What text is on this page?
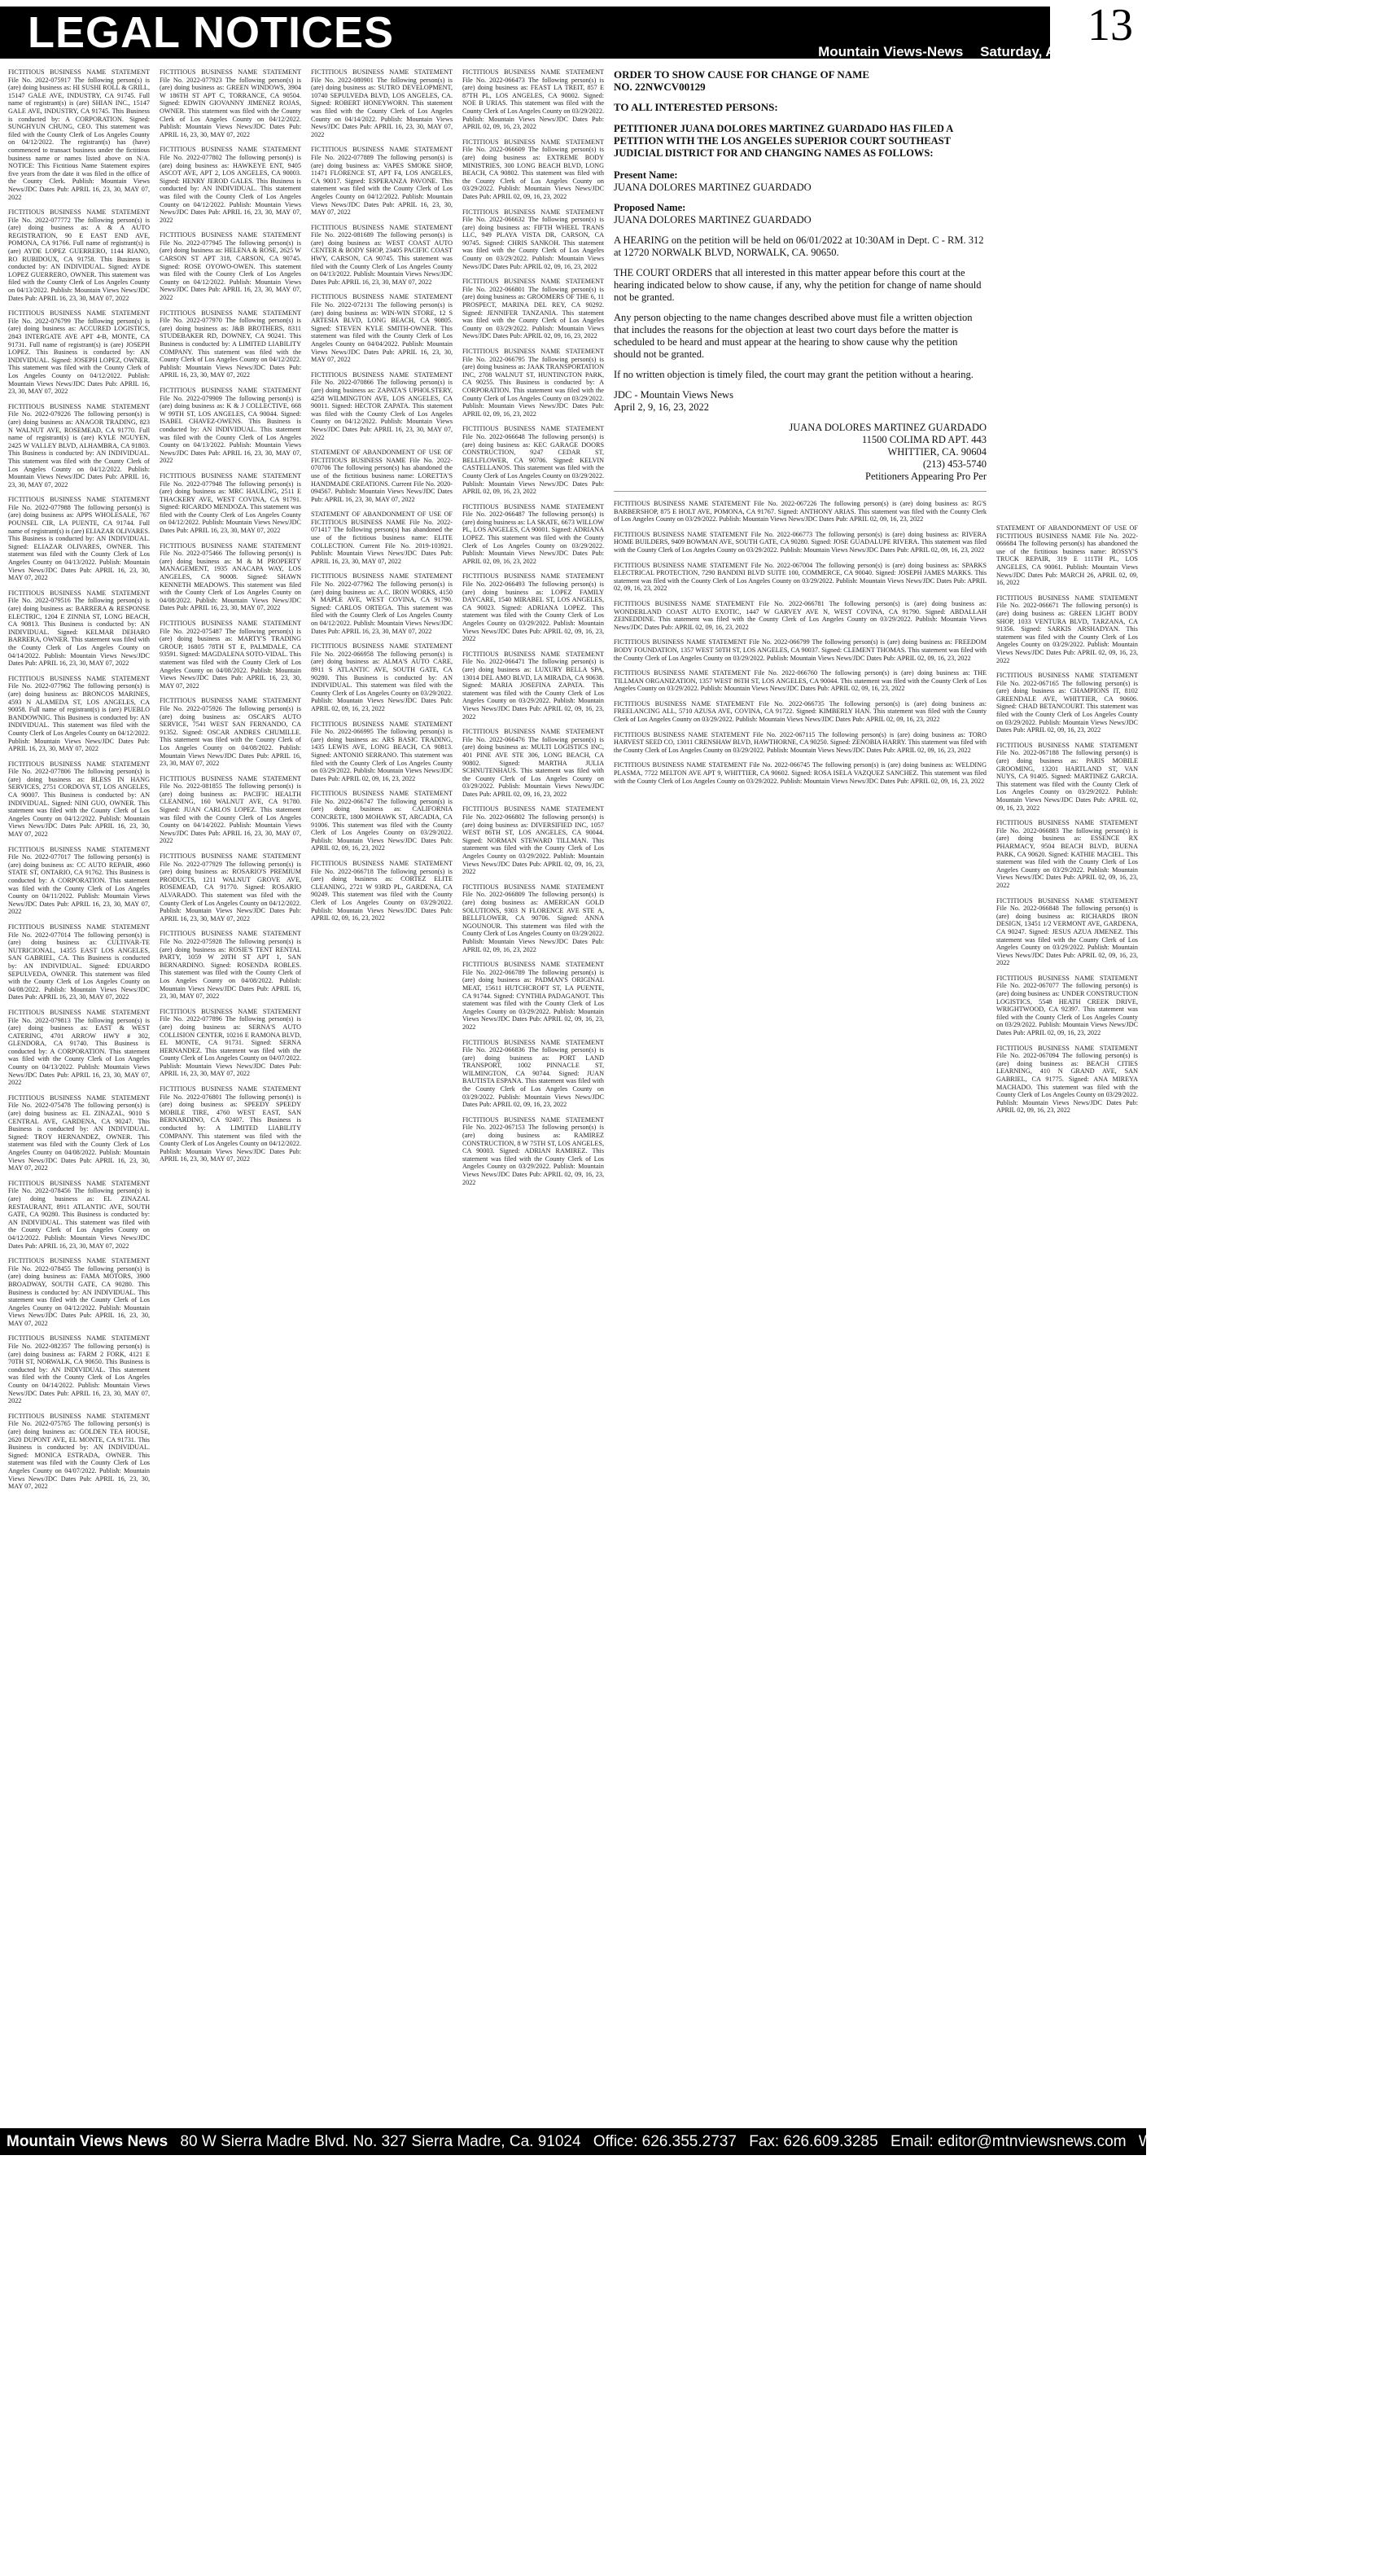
LEGAL NOTICES	13
Mountain Views-News Saturday, April 16, 2022

FICTITIOUS BUSINESS NAME STATEMENT File No. 2022-075917 The following person(s) is (are) doing business as: HI SUSHI ROLL & GRILL, 15147 GALE AVE, INDUSTRY, CA 91745. Full name of registrant(s) is (are) SHIAN INC., 15147 GALE AVE, INDUSTRY, CA 91745. This Business is conducted by: A CORPORATION. Signed: SUNGHYUN CHUNG, CEO. This statement was filed with the County Clerk of Los Angeles County on 04/12/2022. The registrant(s) has (have) commenced to transact business under the fictitious business name or names listed above on N/A. NOTICE: This Fictitious Name Statement expires five years from the date it was filed in the office of the County Clerk. Publish: Mountain Views News/JDC Dates Pub: APRIL 16, 23, 30, MAY 07, 2022

FICTITIOUS BUSINESS NAME STATEMENT File No. 2022-077772 The following person(s) is (are) doing business as: A & A AUTO REGISTRATION, 90 E EAST END AVE, POMONA, CA 91766. Full name of registrant(s) is (are) AYDE LOPEZ GUERRERO, 1144 RIANO, RO RUBIDOUX, CA 91758. This Business is conducted by: AN INDIVIDUAL. Signed: AYDE LOPEZ GUERRERO, OWNER. This statement was filed with the County Clerk of Los Angeles County on 04/13/2022. Publish: Mountain Views News/JDC Dates Pub: APRIL 16, 23, 30, MAY 07, 2022

FICTITIOUS BUSINESS NAME STATEMENT File No. 2022-076799 The following person(s) is (are) doing business as: ACCURED LOGISTICS, 2843 INTERGATE AVE APT 4-B, MONTE, CA 91731. Full name of registrant(s) is (are) JOSEPH LOPEZ. This Business is conducted by: AN INDIVIDUAL. Signed: JOSEPH LOPEZ, OWNER. This statement was filed with the County Clerk of Los Angeles County on 04/12/2022. Publish: Mountain Views News/JDC Dates Pub: APRIL 16, 23, 30, MAY 07, 2022

FICTITIOUS BUSINESS NAME STATEMENT File No. 2022-079226 The following person(s) is (are) doing business as: ANAGOR TRADING, 823 N WALNUT AVE, ROSEMEAD, CA 91770. Full name of registrant(s) is (are) KYLE NGUYEN, 2425 W VALLEY BLVD, ALHAMBRA, CA 91803. This Business is conducted by: AN INDIVIDUAL. This statement was filed with the County Clerk of Los Angeles County on 04/12/2022. Publish: Mountain Views News/JDC Dates Pub: APRIL 16, 23, 30, MAY 07, 2022

FICTITIOUS BUSINESS NAME STATEMENT File No. 2022-077988 The following person(s) is (are) doing business as: APPS WHOLESALE, 767 POUNSEL CIR, LA PUENTE, CA 91744. Full name of registrant(s) is (are) ELIAZAR OLIVARES. This Business is conducted by: AN INDIVIDUAL. Signed: ELIAZAR OLIVARES, OWNER. This statement was filed with the County Clerk of Los Angeles County on 04/13/2022. Publish: Mountain Views News/JDC Dates Pub: APRIL 16, 23, 30, MAY 07, 2022

FICTITIOUS BUSINESS NAME STATEMENT File No. 2022-079516 The following person(s) is (are) doing business as: BARRERA & RESPONSE ELECTRIC, 1204 E ZINNIA ST, LONG BEACH, CA 90813. This Business is conducted by: AN INDIVIDUAL. Signed: KELMAR DEHARO BARRERA, OWNER. This statement was filed with the County Clerk of Los Angeles County on 04/14/2022. Publish: Mountain Views News/JDC Dates Pub: APRIL 16, 23, 30, MAY 07, 2022

FICTITIOUS BUSINESS NAME STATEMENT File No. 2022-077962 The following person(s) is (are) doing business as: BRONCOS MARINES, 4593 N ALAMEDA ST, LOS ANGELES, CA 90058. Full name of registrant(s) is (are) PUEBLO BANDOWNIG. This Business is conducted by: AN INDIVIDUAL. This statement was filed with the County Clerk of Los Angeles County on 04/12/2022. Publish: Mountain Views News/JDC Dates Pub: APRIL 16, 23, 30, MAY 07, 2022

FICTITIOUS BUSINESS NAME STATEMENT File No. 2022-077806 The following person(s) is (are) doing business as: BLESS IN HANG SERVICES, 2751 CORDOVA ST, LOS ANGELES, CA 90007. This Business is conducted by: AN INDIVIDUAL. Signed: NINI GUO, OWNER. This statement was filed with the County Clerk of Los Angeles County on 04/12/2022. Publish: Mountain Views News/JDC Dates Pub: APRIL 16, 23, 30, MAY 07, 2022

FICTITIOUS BUSINESS NAME STATEMENT File No. 2022-077017 The following person(s) is (are) doing business as: CC AUTO REPAIR, 4960 STATE ST, ONTARIO, CA 91762. This Business is conducted by: A CORPORATION. This statement was filed with the County Clerk of Los Angeles County on 04/11/2022. Publish: Mountain Views News/JDC Dates Pub: APRIL 16, 23, 30, MAY 07, 2022

FICTITIOUS BUSINESS NAME STATEMENT File No. 2022-077014 The following person(s) is (are) doing business as: CULTIVAR-TE NUTRICIONAL, 14355 EAST LOS ANGELES, SAN GABRIEL, CA. This Business is conducted by: AN INDIVIDUAL. Signed: EDUARDO SEPULVEDA, OWNER. This statement was filed with the County Clerk of Los Angeles County on 04/08/2022. Publish: Mountain Views News/JDC Dates Pub: APRIL 16, 23, 30, MAY 07, 2022

FICTITIOUS BUSINESS NAME STATEMENT File No. 2022-079813 The following person(s) is (are) doing business as: EAST & WEST CATERING, 4701 ARROW HWY # 302, GLENDORA, CA 91740. This Business is conducted by: A CORPORATION. This statement was filed with the County Clerk of Los Angeles County on 04/13/2022. Publish: Mountain Views News/JDC Dates Pub: APRIL 16, 23, 30, MAY 07, 2022

FICTITIOUS BUSINESS NAME STATEMENT File No. 2022-075478 The following person(s) is (are) doing business as: EL ZINAZAL, 9010 S CENTRAL AVE, GARDENA, CA 90247. This Business is conducted by: AN INDIVIDUAL. Signed: TROY HERNANDEZ, OWNER. This statement was filed with the County Clerk of Los Angeles County on 04/08/2022. Publish: Mountain Views News/JDC Dates Pub: APRIL 16, 23, 30, MAY 07, 2022

FICTITIOUS BUSINESS NAME STATEMENT File No. 2022-078456 The following person(s) is (are) doing business as: EL ZINAZAL RESTAURANT, 8911 ATLANTIC AVE, SOUTH GATE, CA 90280. This Business is conducted by: AN INDIVIDUAL. This statement was filed with the County Clerk of Los Angeles County on 04/12/2022. Publish: Mountain Views News/JDC Dates Pub: APRIL 16, 23, 30, MAY 07, 2022

FICTITIOUS BUSINESS NAME STATEMENT File No. 2022-078455 The following person(s) is (are) doing business as: FAMA MOTORS, 3900 BROADWAY, SOUTH GATE, CA 90280. This Business is conducted by: AN INDIVIDUAL. This statement was filed with the County Clerk of Los Angeles County on 04/12/2022. Publish: Mountain Views News/JDC Dates Pub: APRIL 16, 23, 30, MAY 07, 2022

FICTITIOUS BUSINESS NAME STATEMENT File No. 2022-082357 The following person(s) is (are) doing business as: FARM 2 FORK, 4121 E 70TH ST, NORWALK, CA 90650. This Business is conducted by: AN INDIVIDUAL. This statement was filed with the County Clerk of Los Angeles County on 04/14/2022. Publish: Mountain Views News/JDC Dates Pub: APRIL 16, 23, 30, MAY 07, 2022

FICTITIOUS BUSINESS NAME STATEMENT File No. 2022-075765 The following person(s) is (are) doing business as: GOLDEN TEA HOUSE, 2620 DUPONT AVE, EL MONTE, CA 91731. This Business is conducted by: AN INDIVIDUAL. Signed: MONICA ESTRADA, OWNER. This statement was filed with the County Clerk of Los Angeles County on 04/07/2022. Publish: Mountain Views News/JDC Dates Pub: APRIL 16, 23, 30, MAY 07, 2022

FICTITIOUS BUSINESS NAME STATEMENT File No. 2022-077923 The following person(s) is (are) doing business as: GREEN WINDOWS, 3904 W 186TH ST APT C, TORRANCE, CA 90504. Signed: EDWIN GIOVANNY JIMENEZ ROJAS, OWNER. This statement was filed with the County Clerk of Los Angeles County on 04/12/2022. Publish: Mountain Views News/JDC Dates Pub: APRIL 16, 23, 30, MAY 07, 2022

FICTITIOUS BUSINESS NAME STATEMENT File No. 2022-077802 The following person(s) is (are) doing business as: HAWKEYE ENT, 9405 ASCOT AVE, APT 2, LOS ANGELES, CA 90003. Signed: HENRY JEROD GALES. This Business is conducted by: AN INDIVIDUAL. This statement was filed with the County Clerk of Los Angeles County on 04/12/2022. Publish: Mountain Views News/JDC Dates Pub: APRIL 16, 23, 30, MAY 07, 2022

FICTITIOUS BUSINESS NAME STATEMENT File No. 2022-077945 The following person(s) is (are) doing business as: HELENA & ROSE, 2625 W CARSON ST APT 318, CARSON, CA 90745. Signed: ROSE OYOWO-OWEN. This statement was filed with the County Clerk of Los Angeles County on 04/12/2022. Publish: Mountain Views News/JDC Dates Pub: APRIL 16, 23, 30, MAY 07, 2022

FICTITIOUS BUSINESS NAME STATEMENT File No. 2022-077970 The following person(s) is (are) doing business as: J&B BROTHERS, 8311 STUDEBAKER RD, DOWNEY, CA 90241. This Business is conducted by: A LIMITED LIABILITY COMPANY. This statement was filed with the County Clerk of Los Angeles County on 04/12/2022. Publish: Mountain Views News/JDC Dates Pub: APRIL 16, 23, 30, MAY 07, 2022

FICTITIOUS BUSINESS NAME STATEMENT File No. 2022-079909 The following person(s) is (are) doing business as: K & J COLLECTIVE, 668 W 99TH ST, LOS ANGELES, CA 90044. Signed: ISABEL CHAVEZ-OWENS. This Business is conducted by: AN INDIVIDUAL. This statement was filed with the County Clerk of Los Angeles County on 04/13/2022. Publish: Mountain Views News/JDC Dates Pub: APRIL 16, 23, 30, MAY 07, 2022

FICTITIOUS BUSINESS NAME STATEMENT File No. 2022-077948 The following person(s) is (are) doing business as: MRC HAULING, 2511 E THACKERY AVE, WEST COVINA, CA 91791. Signed: RICARDO MENDOZA. This statement was filed with the County Clerk of Los Angeles County on 04/12/2022. Publish: Mountain Views News/JDC Dates Pub: APRIL 16, 23, 30, MAY 07, 2022

FICTITIOUS BUSINESS NAME STATEMENT File No. 2022-075466 The following person(s) is (are) doing business as: M & M PROPERTY MANAGEMENT, 1935 ANACAPA WAY, LOS ANGELES, CA 90008. Signed: SHAWN KENNETH MEADOWS. This statement was filed with the County Clerk of Los Angeles County on 04/08/2022. Publish: Mountain Views News/JDC Dates Pub: APRIL 16, 23, 30, MAY 07, 2022

FICTITIOUS BUSINESS NAME STATEMENT File No. 2022-075487 The following person(s) is (are) doing business as: MARTY'S TRADING GROUP, 16805 78TH ST E, PALMDALE, CA 93591. Signed: MAGDALENA SOTO-VIDAL. This statement was filed with the County Clerk of Los Angeles County on 04/08/2022. Publish: Mountain Views News/JDC Dates Pub: APRIL 16, 23, 30, MAY 07, 2022

FICTITIOUS BUSINESS NAME STATEMENT File No. 2022-075926 The following person(s) is (are) doing business as: OSCAR'S AUTO SERVICE, 7541 WEST SAN FERNANDO, CA 91352. Signed: OSCAR ANDRES CHUMILLE. This statement was filed with the County Clerk of Los Angeles County on 04/08/2022. Publish: Mountain Views News/JDC Dates Pub: APRIL 16, 23, 30, MAY 07, 2022

FICTITIOUS BUSINESS NAME STATEMENT File No. 2022-081855 The following person(s) is (are) doing business as: PACIFIC HEALTH CLEANING, 160 WALNUT AVE, CA 91780. Signed: JUAN CARLOS LOPEZ. This statement was filed with the County Clerk of Los Angeles County on 04/14/2022. Publish: Mountain Views News/JDC Dates Pub: APRIL 16, 23, 30, MAY 07, 2022

FICTITIOUS BUSINESS NAME STATEMENT File No. 2022-077929 The following person(s) is (are) doing business as: ROSARIO'S PREMIUM PRODUCTS, 1211 WALNUT GROVE AVE, ROSEMEAD, CA 91770. Signed: ROSARIO ALVARADO. This statement was filed with the County Clerk of Los Angeles County on 04/12/2022. Publish: Mountain Views News/JDC Dates Pub: APRIL 16, 23, 30, MAY 07, 2022

FICTITIOUS BUSINESS NAME STATEMENT File No. 2022-075928 The following person(s) is (are) doing business as: ROSIE'S TENT RENTAL PARTY, 1059 W 20TH ST APT 1, SAN BERNARDINO. Signed: ROSENDA ROBLES. This statement was filed with the County Clerk of Los Angeles County on 04/08/2022. Publish: Mountain Views News/JDC Dates Pub: APRIL 16, 23, 30, MAY 07, 2022

FICTITIOUS BUSINESS NAME STATEMENT File No. 2022-077896 The following person(s) is (are) doing business as: SERNA'S AUTO COLLISION CENTER, 10216 E RAMONA BLVD, EL MONTE, CA 91731. Signed: SERNA HERNANDEZ. This statement was filed with the County Clerk of Los Angeles County on 04/07/2022. Publish: Mountain Views News/JDC Dates Pub: APRIL 16, 23, 30, MAY 07, 2022

FICTITIOUS BUSINESS NAME STATEMENT File No. 2022-076801 The following person(s) is (are) doing business as: SPEEDY SPEEDY MOBILE TIRE, 4760 WEST EAST, SAN BERNARDINO, CA 92407. This Business is conducted by: A LIMITED LIABILITY COMPANY. This statement was filed with the County Clerk of Los Angeles County on 04/12/2022. Publish: Mountain Views News/JDC Dates Pub: APRIL 16, 23, 30, MAY 07, 2022

FICTITIOUS BUSINESS NAME STATEMENT File No. 2022-080901 The following person(s) is (are) doing business as: SUTRO DEVELOPMENT, 10740 SEPULVEDA BLVD, LOS ANGELES, CA. Signed: ROBERT HONEYWORN. This statement was filed with the County Clerk of Los Angeles County on 04/14/2022. Publish: Mountain Views News/JDC Dates Pub: APRIL 16, 23, 30, MAY 07, 2022

FICTITIOUS BUSINESS NAME STATEMENT File No. 2022-077889 The following person(s) is (are) doing business as: VAPES SMOKE SHOP, 11471 FLORENCE ST, APT F4, LOS ANGELES, CA 90017. Signed: ESPERANZA PAVONE. This statement was filed with the County Clerk of Los Angeles County on 04/12/2022. Publish: Mountain Views News/JDC Dates Pub: APRIL 16, 23, 30, MAY 07, 2022

FICTITIOUS BUSINESS NAME STATEMENT File No. 2022-081689 The following person(s) is (are) doing business as: WEST COAST AUTO CENTER & BODY SHOP, 23405 PACIFIC COAST HWY, CARSON, CA 90745. This statement was filed with the County Clerk of Los Angeles County on 04/13/2022. Publish: Mountain Views News/JDC Dates Pub: APRIL 16, 23, 30, MAY 07, 2022

FICTITIOUS BUSINESS NAME STATEMENT File No. 2022-072131 The following person(s) is (are) doing business as: WIN-WIN STORE, 12 S ARTESIA BLVD, LONG BEACH, CA 90805. Signed: STEVEN KYLE SMITH-OWNER. This statement was filed with the County Clerk of Los Angeles County on 04/04/2022. Publish: Mountain Views News/JDC Dates Pub: APRIL 16, 23, 30, MAY 07, 2022

FICTITIOUS BUSINESS NAME STATEMENT File No. 2022-070866 The following person(s) is (are) doing business as: ZAPATA'S UPHOLSTERY, 4258 WILMINGTON AVE, LOS ANGELES, CA 90011. Signed: HECTOR ZAPATA. This statement was filed with the County Clerk of Los Angeles County on 04/12/2022. Publish: Mountain Views News/JDC Dates Pub: APRIL 16, 23, 30, MAY 07, 2022

STATEMENT OF ABANDONMENT OF USE OF FICTITIOUS BUSINESS NAME File No. 2022-070706 The following person(s) has abandoned the use of the fictitious business name: LORETTA'S HANDMADE CREATIONS. Current File No. 2020-094567. Publish: Mountain Views News/JDC Dates Pub: APRIL 16, 23, 30, MAY 07, 2022

STATEMENT OF ABANDONMENT OF USE OF FICTITIOUS BUSINESS NAME File No. 2022-071417 The following person(s) has abandoned the use of the fictitious business name: ELITE COLLECTION. Current File No. 2019-103921. Publish: Mountain Views News/JDC Dates Pub: APRIL 16, 23, 30, MAY 07, 2022

FICTITIOUS BUSINESS NAME STATEMENT File No. 2022-077962 The following person(s) is (are) doing business as: A.C. IRON WORKS, 4150 N MAPLE AVE, WEST COVINA, CA 91790. Signed: CARLOS ORTEGA. This statement was filed with the County Clerk of Los Angeles County on 04/12/2022. Publish: Mountain Views News/JDC Dates Pub: APRIL 16, 23, 30, MAY 07, 2022

FICTITIOUS BUSINESS NAME STATEMENT File No. 2022-066958 The following person(s) is (are) doing business as: ALMA'S AUTO CARE, 8911 S ATLANTIC AVE, SOUTH GATE, CA 90280. This Business is conducted by: AN INDIVIDUAL. This statement was filed with the County Clerk of Los Angeles County on 03/29/2022. Publish: Mountain Views News/JDC Dates Pub: APRIL 02, 09, 16, 23, 2022

FICTITIOUS BUSINESS NAME STATEMENT File No. 2022-066995 The following person(s) is (are) doing business as: ARS BASIC TRADING, 1435 LEWIS AVE, LONG BEACH, CA 90813. Signed: ANTONIO SERRANO. This statement was filed with the County Clerk of Los Angeles County on 03/29/2022. Publish: Mountain Views News/JDC Dates Pub: APRIL 02, 09, 16, 23, 2022

FICTITIOUS BUSINESS NAME STATEMENT File No. 2022-066747 The following person(s) is (are) doing business as: CALIFORNIA CONCRETE, 1800 MOHAWK ST, ARCADIA, CA 91006. This statement was filed with the County Clerk of Los Angeles County on 03/29/2022. Publish: Mountain Views News/JDC Dates Pub: APRIL 02, 09, 16, 23, 2022

FICTITIOUS BUSINESS NAME STATEMENT File No. 2022-066718 The following person(s) is (are) doing business as: CORTEZ ELITE CLEANING, 2721 W 93RD PL, GARDENA, CA 90249. This statement was filed with the County Clerk of Los Angeles County on 03/29/2022. Publish: Mountain Views News/JDC Dates Pub: APRIL 02, 09, 16, 23, 2022

FICTITIOUS BUSINESS NAME STATEMENT File No. 2022-066473 The following person(s) is (are) doing business as: FEAST LA TREIT, 857 E 87TH PL, LOS ANGELES, CA 90002. Signed: NOE B URIAS. This statement was filed with the County Clerk of Los Angeles County on 03/29/2022. Publish: Mountain Views News/JDC Dates Pub: APRIL 02, 09, 16, 23, 2022

FICTITIOUS BUSINESS NAME STATEMENT File No. 2022-066609 The following person(s) is (are) doing business as: EXTREME BODY MINISTRIES, 300 LONG BEACH BLVD, LONG BEACH, CA 90802. This statement was filed with the County Clerk of Los Angeles County on 03/29/2022. Publish: Mountain Views News/JDC Dates Pub: APRIL 02, 09, 16, 23, 2022

FICTITIOUS BUSINESS NAME STATEMENT File No. 2022-066632 The following person(s) is (are) doing business as: FIFTH WHEEL TRANS LLC, 949 PLAYA VISTA DR, CARSON, CA 90745. Signed: CHRIS SANKOH. This statement was filed with the County Clerk of Los Angeles County on 03/29/2022. Publish: Mountain Views News/JDC Dates Pub: APRIL 02, 09, 16, 23, 2022

FICTITIOUS BUSINESS NAME STATEMENT File No. 2022-066801 The following person(s) is (are) doing business as: GROOMERS OF THE 6, 11 PROSPECT, MARINA DEL REY, CA 90292. Signed: JENNIFER TANZANIA. This statement was filed with the County Clerk of Los Angeles County on 03/29/2022. Publish: Mountain Views News/JDC Dates Pub: APRIL 02, 09, 16, 23, 2022

FICTITIOUS BUSINESS NAME STATEMENT File No. 2022-066795 The following person(s) is (are) doing business as: JAAK TRANSPORTATION INC, 2708 WALNUT ST, HUNTINGTON PARK, CA 90255. This Business is conducted by: A CORPORATION. This statement was filed with the County Clerk of Los Angeles County on 03/29/2022. Publish: Mountain Views News/JDC Dates Pub: APRIL 02, 09, 16, 23, 2022

FICTITIOUS BUSINESS NAME STATEMENT File No. 2022-066648 The following person(s) is (are) doing business as: KEC GARAGE DOORS CONSTRUCTION, 9247 CEDAR ST, BELLFLOWER, CA 90706. Signed: KELVIN CASTELLANOS. This statement was filed with the County Clerk of Los Angeles County on 03/29/2022. Publish: Mountain Views News/JDC Dates Pub: APRIL 02, 09, 16, 23, 2022

FICTITIOUS BUSINESS NAME STATEMENT File No. 2022-066487 The following person(s) is (are) doing business as: LA SKATE, 6673 WILLOW PL, LOS ANGELES, CA 90001. Signed: ADRIANA LOPEZ. This statement was filed with the County Clerk of Los Angeles County on 03/29/2022. Publish: Mountain Views News/JDC Dates Pub: APRIL 02, 09, 16, 23, 2022

FICTITIOUS BUSINESS NAME STATEMENT File No. 2022-066493 The following person(s) is (are) doing business as: LOPEZ FAMILY DAYCARE, 1540 MIRABEL ST, LOS ANGELES, CA 90023. Signed: ADRIANA LOPEZ. This statement was filed with the County Clerk of Los Angeles County on 03/29/2022. Publish: Mountain Views News/JDC Dates Pub: APRIL 02, 09, 16, 23, 2022

FICTITIOUS BUSINESS NAME STATEMENT File No. 2022-066471 The following person(s) is (are) doing business as: LUXURY BELLA SPA, 13014 DEL AMO BLVD, LA MIRADA, CA 90638. Signed: MARIA JOSEFINA ZAPATA. This statement was filed with the County Clerk of Los Angeles County on 03/29/2022. Publish: Mountain Views News/JDC Dates Pub: APRIL 02, 09, 16, 23, 2022

FICTITIOUS BUSINESS NAME STATEMENT File No. 2022-066476 The following person(s) is (are) doing business as: MULTI LOGISTICS INC, 401 PINE AVE STE 306, LONG BEACH, CA 90802. Signed: MARTHA JULIA SCHNUTENHAUS. This statement was filed with the County Clerk of Los Angeles County on 03/29/2022. Publish: Mountain Views News/JDC Dates Pub: APRIL 02, 09, 16, 23, 2022

FICTITIOUS BUSINESS NAME STATEMENT File No. 2022-066802 The following person(s) is (are) doing business as: DIVERSIFIED INC, 1057 WEST 86TH ST, LOS ANGELES, CA 90044. Signed: NORMAN STEWARD TILLMAN. This statement was filed with the County Clerk of Los Angeles County on 03/29/2022. Publish: Mountain Views News/JDC Dates Pub: APRIL 02, 09, 16, 23, 2022

FICTITIOUS BUSINESS NAME STATEMENT File No. 2022-066809 The following person(s) is (are) doing business as: AMERICAN GOLD SOLUTIONS, 9303 N FLORENCE AVE STE A, BELLFLOWER, CA 90706. Signed: ANNA NGOUNOUR. This statement was filed with the County Clerk of Los Angeles County on 03/29/2022. Publish: Mountain Views News/JDC Dates Pub: APRIL 02, 09, 16, 23, 2022

FICTITIOUS BUSINESS NAME STATEMENT File No. 2022-066789 The following person(s) is (are) doing business as: PADMAN'S ORIGINAL MEAT, 15611 HUTCHCROFT ST, LA PUENTE, CA 91744. Signed: CYNTHIA PADAGANOT. This statement was filed with the County Clerk of Los Angeles County on 03/29/2022. Publish: Mountain Views News/JDC Dates Pub: APRIL 02, 09, 16, 23, 2022

FICTITIOUS BUSINESS NAME STATEMENT File No. 2022-066836 The following person(s) is (are) doing business as: PORT LAND TRANSPORT, 1002 PINNACLE ST, WILMINGTON, CA 90744. Signed: JUAN BAUTISTA ESPANA. This statement was filed with the County Clerk of Los Angeles County on 03/29/2022. Publish: Mountain Views News/JDC Dates Pub: APRIL 02, 09, 16, 23, 2022

FICTITIOUS BUSINESS NAME STATEMENT File No. 2022-067153 The following person(s) is (are) doing business as: RAMIREZ CONSTRUCTION, 8 W 75TH ST, LOS ANGELES, CA 90003. Signed: ADRIAN RAMIREZ. This statement was filed with the County Clerk of Los Angeles County on 03/29/2022. Publish: Mountain Views News/JDC Dates Pub: APRIL 02, 09, 16, 23, 2022

ORDER TO SHOW CAUSE FOR CHANGE OF NAME
NO. 22NWCV00129
TO ALL INTERESTED PERSONS:
PETITIONER JUANA DOLORES MARTINEZ GUARDADO HAS FILED A PETITION WITH THE LOS ANGELES SUPERIOR COURT SOUTHEAST JUDICIAL DISTRICT FOR AND CHANGING NAMES AS FOLLOWS:
Present Name:
JUANA DOLORES MARTINEZ GUARDADO
Proposed Name:
JUANA DOLORES MARTINEZ GUARDADO
A HEARING on the petition will be held on 06/01/2022 at 10:30AM in Dept. C - RM. 312 at 12720 NORWALK BLVD, NORWALK, CA. 90650.
THE COURT ORDERS that all interested in this matter appear before this court at the hearing indicated below to show cause, if any, why the petition for change of name should not be granted.
Any person objecting to the name changes described above must file a written objection that includes the reasons for the objection at least two court days before the matter is scheduled to be heard and must appear at the hearing to show cause why the petition should not be granted.
If no written objection is timely filed, the court may grant the petition without a hearing.
JDC - Mountain Views News
April 2, 9, 16, 23, 2022
JUANA DOLORES MARTINEZ GUARDADO
11500 COLIMA RD APT. 443
WHITTIER, CA. 90604
(213) 453-5740
Petitioners Appearing Pro Per

FICTITIOUS BUSINESS NAME STATEMENT File No. 2022-067226 The following person(s) is (are) doing business as: RG'S BARBERSHOP, 875 E HOLT AVE, POMONA, CA 91767. Signed: ANTHONY ARIAS. This statement was filed with the County Clerk of Los Angeles County on 03/29/2022. Publish: Mountain Views News/JDC Dates Pub: APRIL 02, 09, 16, 23, 2022

FICTITIOUS BUSINESS NAME STATEMENT File No. 2022-066773 The following person(s) is (are) doing business as: RIVERA HOME BUILDERS, 9409 BOWMAN AVE, SOUTH GATE, CA 90280. Signed: JOSE GUADALUPE RIVERA. This statement was filed with the County Clerk of Los Angeles County on 03/29/2022. Publish: Mountain Views News/JDC Dates Pub: APRIL 02, 09, 16, 23, 2022

FICTITIOUS BUSINESS NAME STATEMENT File No. 2022-067004 The following person(s) is (are) doing business as: SPARKS ELECTRICAL PROTECTION, 7290 BANDINI BLVD SUITE 100, COMMERCE, CA 90040. Signed: JOSEPH JAMES MARKS. This statement was filed with the County Clerk of Los Angeles County on 03/29/2022. Publish: Mountain Views News/JDC Dates Pub: APRIL 02, 09, 16, 23, 2022

FICTITIOUS BUSINESS NAME STATEMENT File No. 2022-066781 The following person(s) is (are) doing business as: WONDERLAND COAST AUTO EXOTIC, 1447 W GARVEY AVE N, WEST COVINA, CA 91790. Signed: ABDALLAH ZEINEDDINE. This statement was filed with the County Clerk of Los Angeles County on 03/29/2022. Publish: Mountain Views News/JDC Dates Pub: APRIL 02, 09, 16, 23, 2022

FICTITIOUS BUSINESS NAME STATEMENT File No. 2022-066799 The following person(s) is (are) doing business as: FREEDOM BODY FOUNDATION, 1357 WEST 50TH ST, LOS ANGELES, CA 90037. Signed: CLEMENT THOMAS. This statement was filed with the County Clerk of Los Angeles County on 03/29/2022. Publish: Mountain Views News/JDC Dates Pub: APRIL 02, 09, 16, 23, 2022

FICTITIOUS BUSINESS NAME STATEMENT File No. 2022-066760 The following person(s) is (are) doing business as: THE TILLMAN ORGANIZATION, 1357 WEST 86TH ST, LOS ANGELES, CA 90044. This statement was filed with the County Clerk of Los Angeles County on 03/29/2022. Publish: Mountain Views News/JDC Dates Pub: APRIL 02, 09, 16, 23, 2022

FICTITIOUS BUSINESS NAME STATEMENT File No. 2022-066735 The following person(s) is (are) doing business as: FREELANCING ALL, 5710 AZUSA AVE, COVINA, CA 91722. Signed: KIMBERLY HAN. This statement was filed with the County Clerk of Los Angeles County on 03/29/2022. Publish: Mountain Views News/JDC Dates Pub: APRIL 02, 09, 16, 23, 2022

FICTITIOUS BUSINESS NAME STATEMENT File No. 2022-067115 The following person(s) is (are) doing business as: TORO HARVEST SEED CO, 13011 CRENSHAW BLVD, HAWTHORNE, CA 90250. Signed: ZENOBIA HARRY. This statement was filed with the County Clerk of Los Angeles County on 03/29/2022. Publish: Mountain Views News/JDC Dates Pub: APRIL 02, 09, 16, 23, 2022

FICTITIOUS BUSINESS NAME STATEMENT File No. 2022-066745 The following person(s) is (are) doing business as: WELDING PLASMA, 7722 MELTON AVE APT 9, WHITTIER, CA 90602. Signed: ROSA ISELA VAZQUEZ SANCHEZ. This statement was filed with the County Clerk of Los Angeles County on 03/29/2022. Publish: Mountain Views News/JDC Dates Pub: APRIL 02, 09, 16, 23, 2022

STATEMENT OF ABANDONMENT OF USE OF FICTITIOUS BUSINESS NAME File No. 2022-066684 The following person(s) has abandoned the use of the fictitious business name: ROSSY'S TRUCK REPAIR, 319 E 111TH PL, LOS ANGELES, CA 90061. Publish: Mountain Views News/JDC Dates Pub: MARCH 26, APRIL 02, 09, 16, 2022

FICTITIOUS BUSINESS NAME STATEMENT File No. 2022-066671 The following person(s) is (are) doing business as: GREEN LIGHT BODY SHOP, 1033 VENTURA BLVD, TARZANA, CA 91356. Signed: SARKIS ARSHADYAN. This statement was filed with the County Clerk of Los Angeles County on 03/29/2022. Publish: Mountain Views News/JDC Dates Pub: APRIL 02, 09, 16, 23, 2022

FICTITIOUS BUSINESS NAME STATEMENT File No. 2022-067165 The following person(s) is (are) doing business as: CHAMPIONS IT, 8102 GREENDALE AVE, WHITTIER, CA 90606. Signed: CHAD BETANCOURT. This statement was filed with the County Clerk of Los Angeles County on 03/29/2022. Publish: Mountain Views News/JDC Dates Pub: APRIL 02, 09, 16, 23, 2022

FICTITIOUS BUSINESS NAME STATEMENT File No. 2022-067188 The following person(s) is (are) doing business as: PARIS MOBILE GROOMING, 13201 HARTLAND ST, VAN NUYS, CA 91405. Signed: MARTINEZ GARCIA. This statement was filed with the County Clerk of Los Angeles County on 03/29/2022. Publish: Mountain Views News/JDC Dates Pub: APRIL 02, 09, 16, 23, 2022

FICTITIOUS BUSINESS NAME STATEMENT File No. 2022-066883 The following person(s) is (are) doing business as: ESSENCE RX PHARMACY, 9504 BEACH BLVD, BUENA PARK, CA 90620. Signed: KATHIE MACIEL. This statement was filed with the County Clerk of Los Angeles County on 03/29/2022. Publish: Mountain Views News/JDC Dates Pub: APRIL 02, 09, 16, 23, 2022

FICTITIOUS BUSINESS NAME STATEMENT File No. 2022-066848 The following person(s) is (are) doing business as: RICHARDS IRON DESIGN, 13451 1/2 VERMONT AVE, GARDENA, CA 90247. Signed: JESUS AZUA JIMENEZ. This statement was filed with the County Clerk of Los Angeles County on 03/29/2022. Publish: Mountain Views News/JDC Dates Pub: APRIL 02, 09, 16, 23, 2022

FICTITIOUS BUSINESS NAME STATEMENT File No. 2022-067077 The following person(s) is (are) doing business as: UNDER CONSTRUCTION LOGISTICS, 5548 HEATH CREEK DRIVE, WRIGHTWOOD, CA 92397. This statement was filed with the County Clerk of Los Angeles County on 03/29/2022. Publish: Mountain Views News/JDC Dates Pub: APRIL 02, 09, 16, 23, 2022

FICTITIOUS BUSINESS NAME STATEMENT File No. 2022-067094 The following person(s) is (are) doing business as: BEACH CITIES LEARNING, 410 N GRAND AVE, SAN GABRIEL, CA 91775. Signed: ANA MIREYA MACHADO. This statement was filed with the County Clerk of Los Angeles County on 03/29/2022. Publish: Mountain Views News/JDC Dates Pub: APRIL 02, 09, 16, 23, 2022

Mountain Views News 80 W Sierra Madre Blvd. No. 327 Sierra Madre, Ca. 91024 Office: 626.355.2737 Fax: 626.609.3285 Email: editor@mtnviewsnews.com Website: www.mtnviewsnews.com
